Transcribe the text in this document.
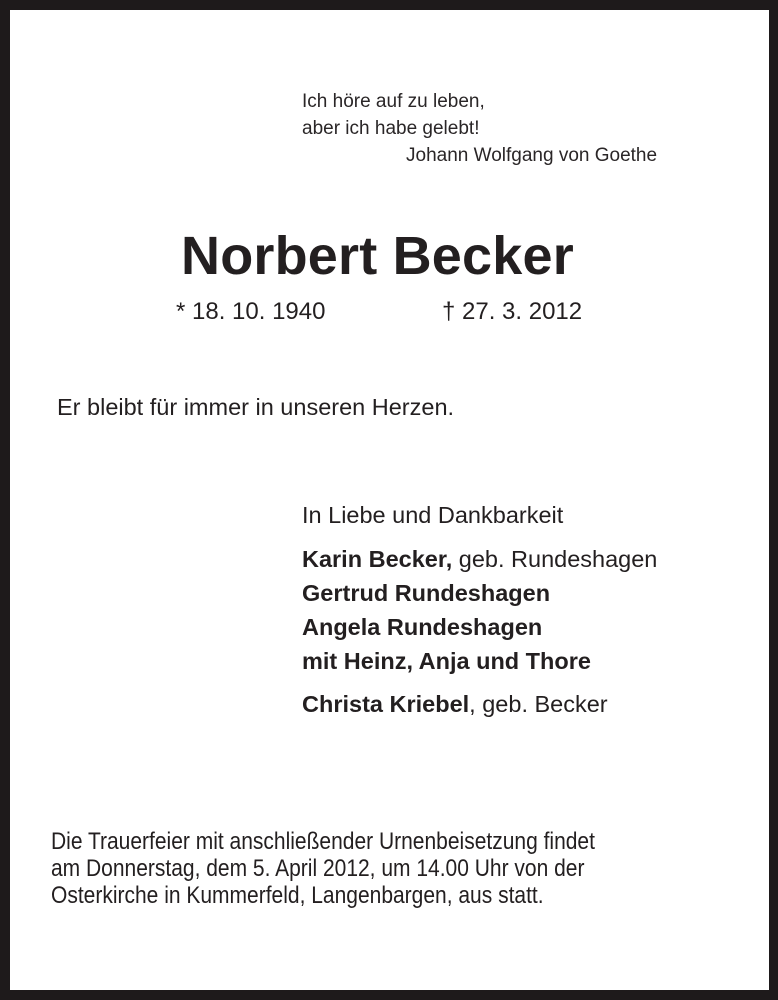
Ich höre auf zu leben,
aber ich habe gelebt!
Johann Wolfgang von Goethe
Norbert Becker
* 18. 10. 1940	† 27. 3. 2012
Er bleibt für immer in unseren Herzen.
In Liebe und Dankbarkeit
Karin Becker, geb. Rundeshagen
Gertrud Rundeshagen
Angela Rundeshagen
mit Heinz, Anja und Thore
Christa Kriebel, geb. Becker
Die Trauerfeier mit anschließender Urnenbeisetzung findet
am Donnerstag, dem 5. April 2012, um 14.00 Uhr von der
Osterkirche in Kummerfeld, Langenbargen, aus statt.
